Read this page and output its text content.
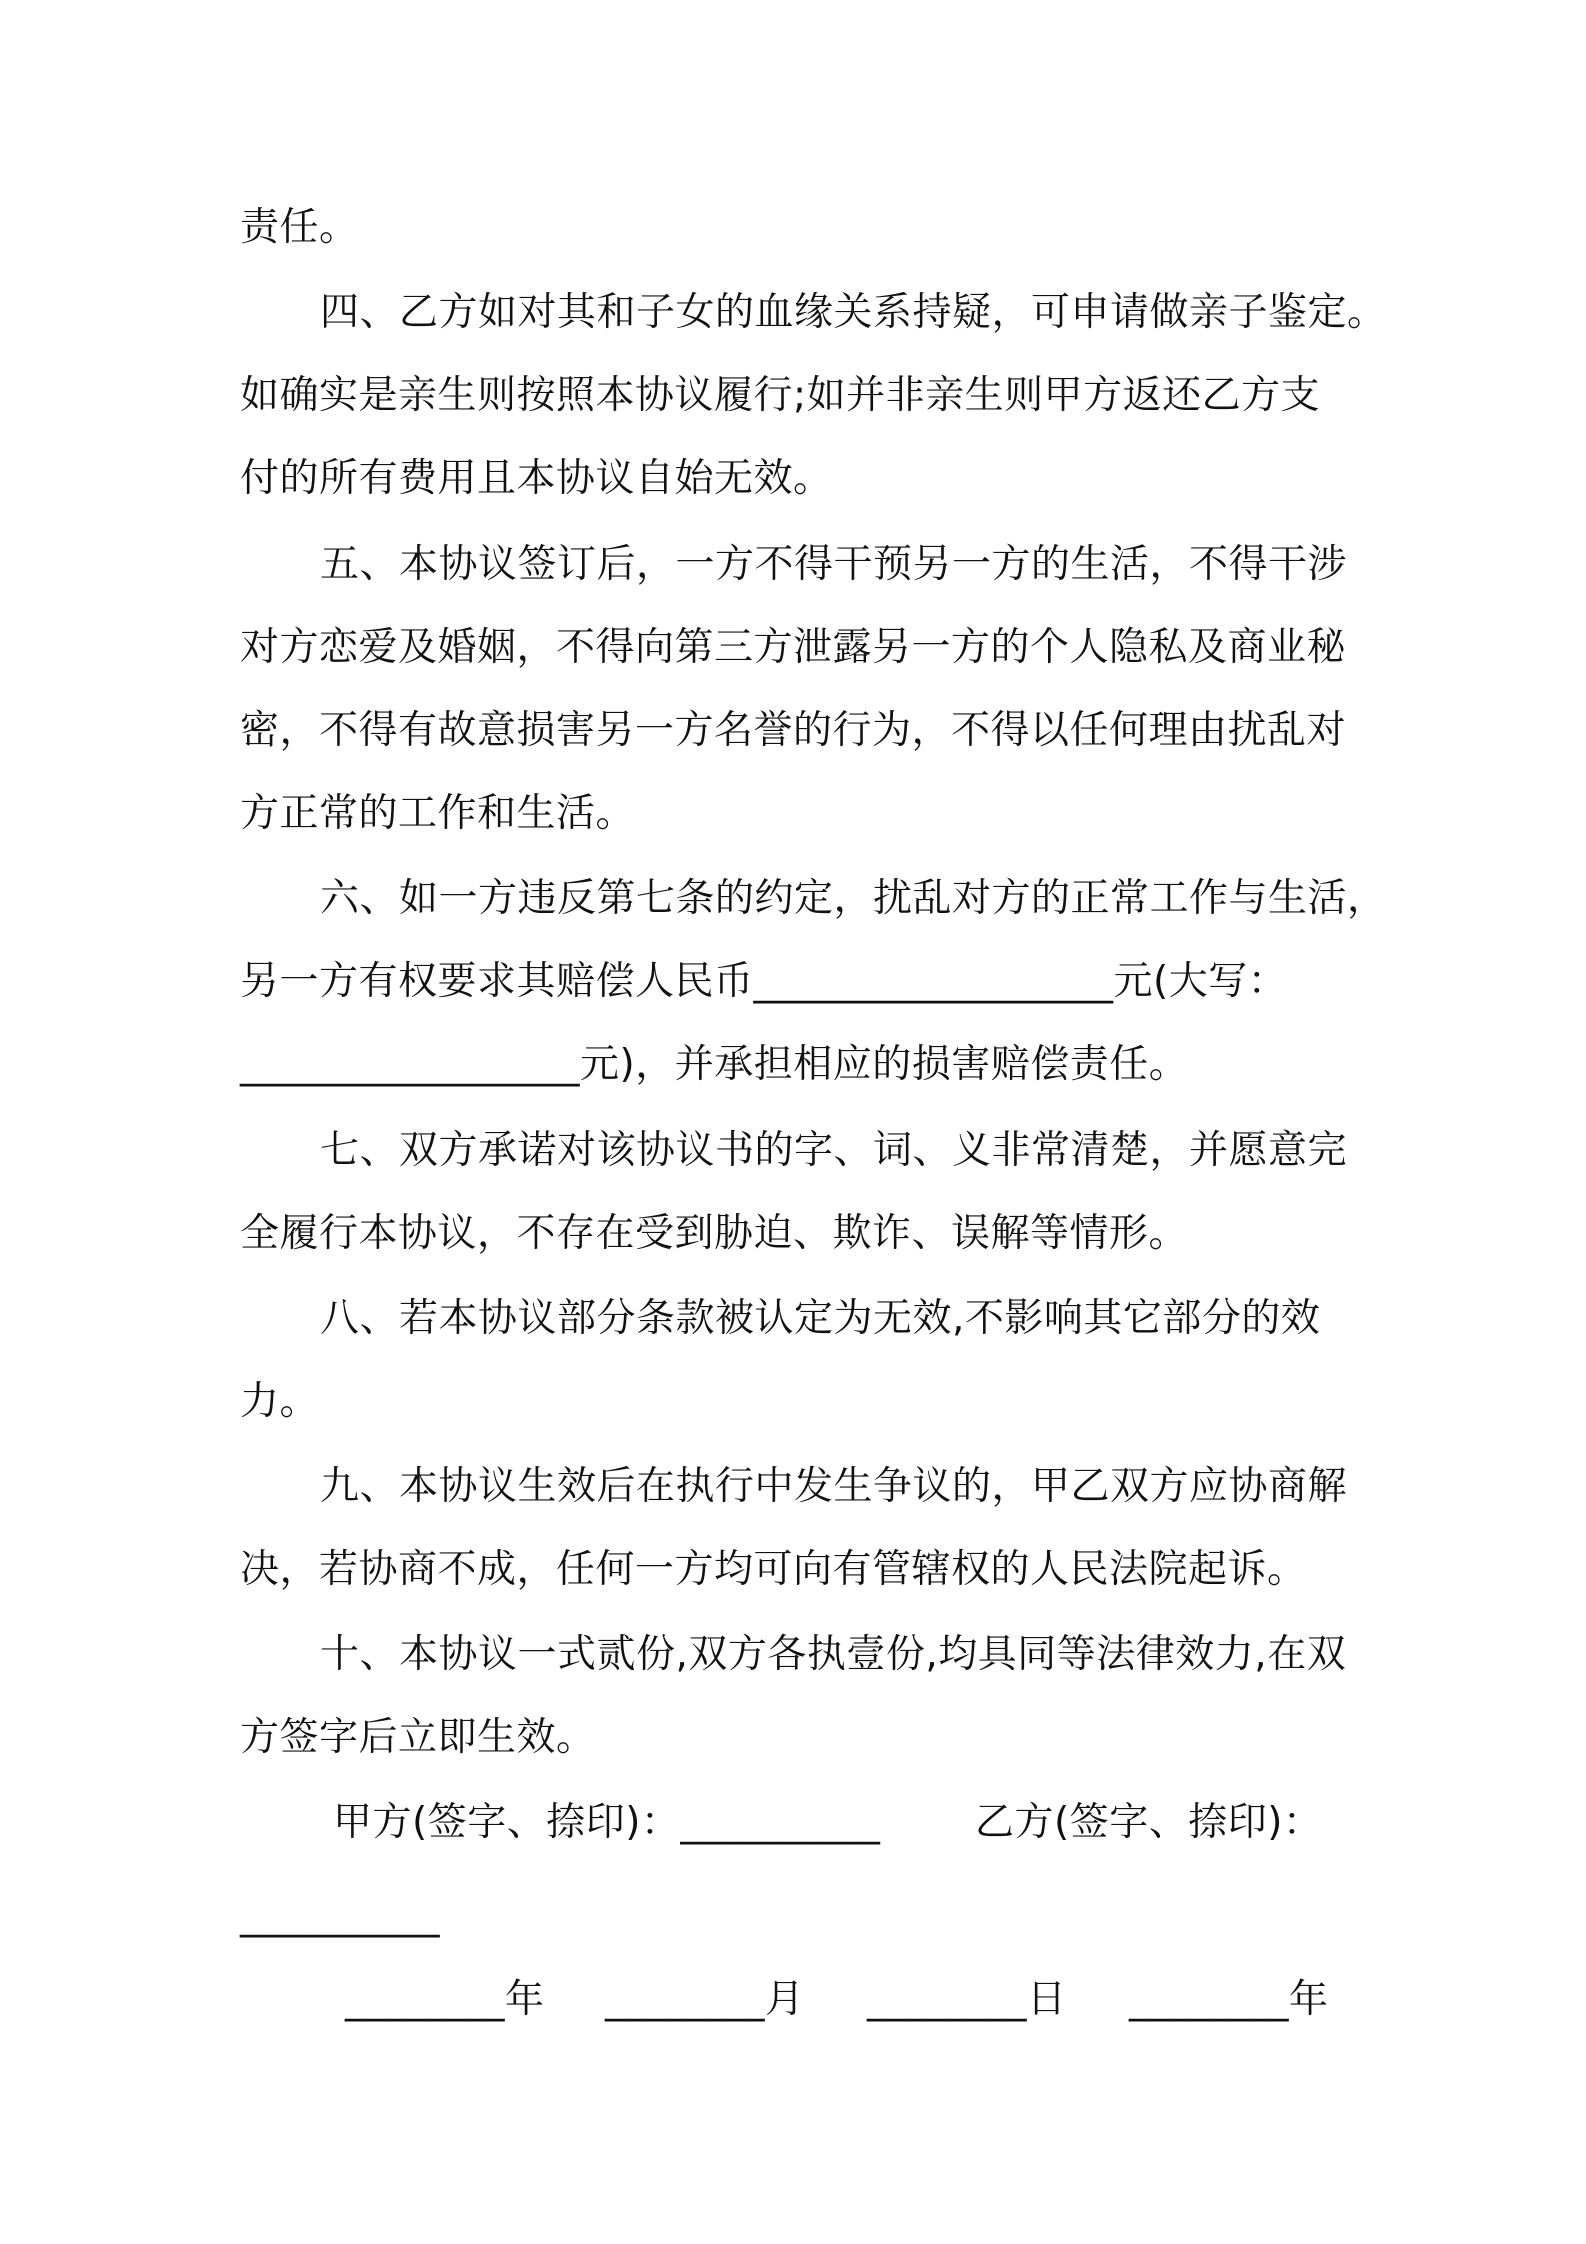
责任。
四、乙方如对其和子女的血缘关系持疑，可申请做亲子鉴定。
如确实是亲生则按照本协议履行;如并非亲生则甲方返还乙方支
付的所有费用且本协议自始无效。
五、本协议签订后，一方不得干预另一方的生活，不得干涉
对方恋爱及婚姻，不得向第三方泄露另一方的个人隐私及商业秘
密，不得有故意损害另一方名誉的行为，不得以任何理由扰乱对
方正常的工作和生活。
六、如一方违反第七条的约定，扰乱对方的正常工作与生活，
另一方有权要求其赔偿人民币__________________元(大写：
_________________元)，并承担相应的损害赔偿责任。
七、双方承诺对该协议书的字、词、义非常清楚，并愿意完
全履行本协议，不存在受到胁迫、欺诈、误解等情形。
八、若本协议部分条款被认定为无效,不影响其它部分的效
力。
九、本协议生效后在执行中发生争议的，甲乙双方应协商解
决，若协商不成，任何一方均可向有管辖权的人民法院起诉。
十、本协议一式贰份,双方各执壹份,均具同等法律效力,在双
方签字后立即生效。
甲方(签字、捺印)：__________ 乙方(签字、捺印)：
__________
________年 ________月 ________日 ________年
